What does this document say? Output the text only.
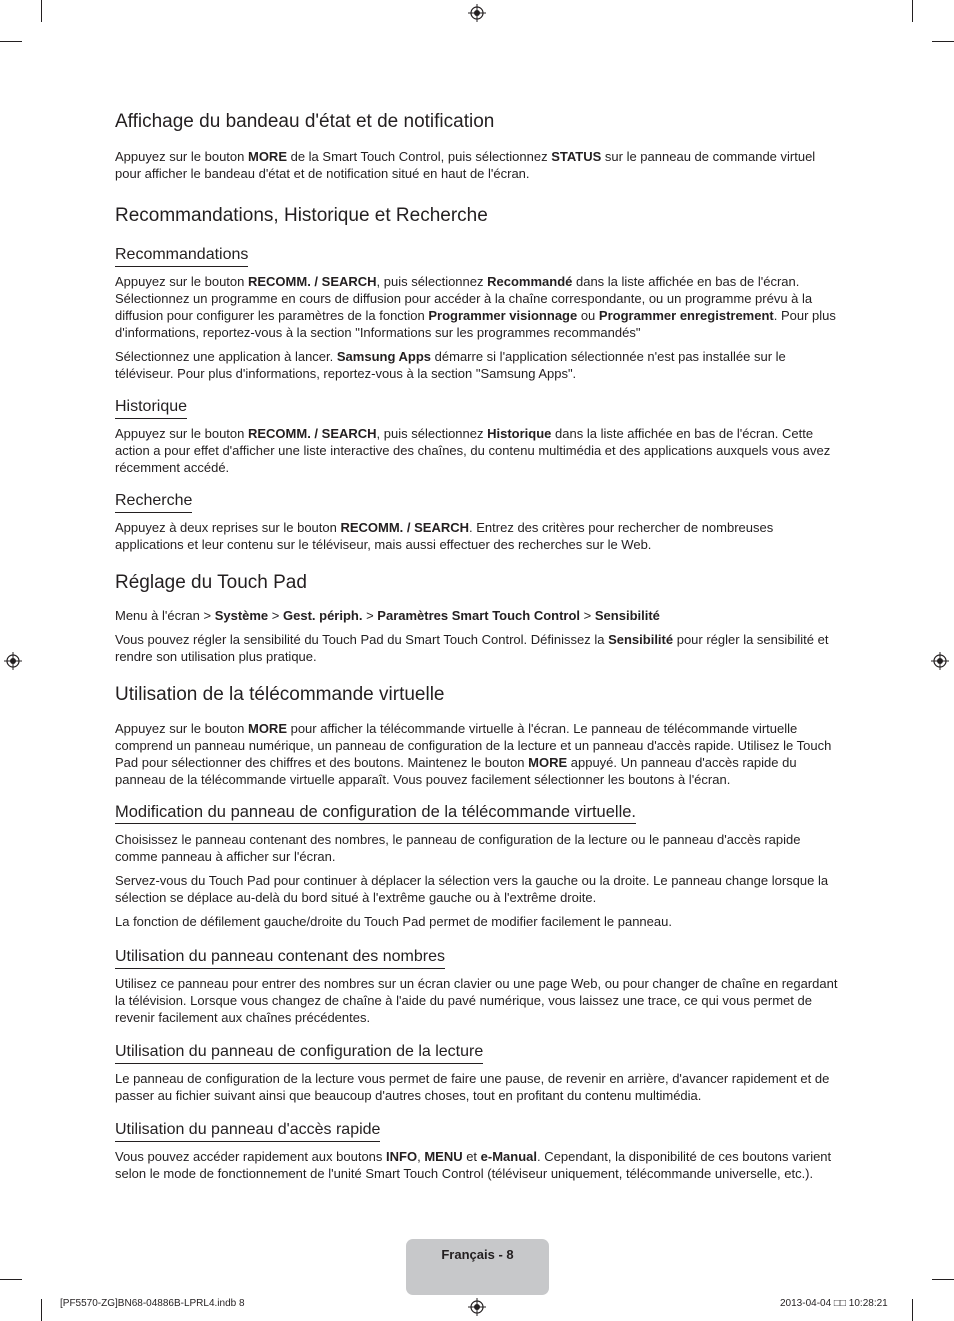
Affichage du bandeau d'état et de notification

Appuyez sur le bouton MORE de la Smart Touch Control, puis sélectionnez STATUS sur le panneau de commande virtuel pour afficher le bandeau d'état et de notification situé en haut de l'écran.

Recommandations, Historique et Recherche
Recommandations

Appuyez sur le bouton RECOMM. / SEARCH, puis sélectionnez Recommandé dans la liste affichée en bas de l'écran. Sélectionnez un programme en cours de diffusion pour accéder à la chaîne correspondante, ou un programme prévu à la diffusion pour configurer les paramètres de la fonction Programmer visionnage ou Programmer enregistrement. Pour plus d'informations, reportez-vous à la section "Informations sur les programmes recommandés"

Sélectionnez une application à lancer. Samsung Apps démarre si l'application sélectionnée n'est pas installée sur le téléviseur. Pour plus d'informations, reportez-vous à la section "Samsung Apps".

Historique

Appuyez sur le bouton RECOMM. / SEARCH, puis sélectionnez Historique dans la liste affichée en bas de l'écran. Cette action a pour effet d'afficher une liste interactive des chaînes, du contenu multimédia et des applications auxquels vous avez récemment accédé.

Recherche

Appuyez à deux reprises sur le bouton RECOMM. / SEARCH. Entrez des critères pour rechercher de nombreuses applications et leur contenu sur le téléviseur, mais aussi effectuer des recherches sur le Web.

Réglage du Touch Pad

Menu à l'écran > Système > Gest. périph. > Paramètres Smart Touch Control > Sensibilité

Vous pouvez régler la sensibilité du Touch Pad du Smart Touch Control. Définissez la Sensibilité pour régler la sensibilité et rendre son utilisation plus pratique.

Utilisation de la télécommande virtuelle

Appuyez sur le bouton MORE pour afficher la télécommande virtuelle à l'écran. Le panneau de télécommande virtuelle comprend un panneau numérique, un panneau de configuration de la lecture et un panneau d'accès rapide. Utilisez le Touch Pad pour sélectionner des chiffres et des boutons. Maintenez le bouton MORE appuyé. Un panneau d'accès rapide du panneau de la télécommande virtuelle apparaît. Vous pouvez facilement sélectionner les boutons à l'écran.

Modification du panneau de configuration de la télécommande virtuelle.

Choisissez le panneau contenant des nombres, le panneau de configuration de la lecture ou le panneau d'accès rapide comme panneau à afficher sur l'écran.

Servez-vous du Touch Pad pour continuer à déplacer la sélection vers la gauche ou la droite. Le panneau change lorsque la sélection se déplace au-delà du bord situé à l'extrême gauche ou à l'extrême droite.

La fonction de défilement gauche/droite du Touch Pad permet de modifier facilement le panneau.

Utilisation du panneau contenant des nombres

Utilisez ce panneau pour entrer des nombres sur un écran clavier ou une page Web, ou pour changer de chaîne en regardant la télévision. Lorsque vous changez de chaîne à l'aide du pavé numérique, vous laissez une trace, ce qui vous permet de revenir facilement aux chaînes précédentes.

Utilisation du panneau de configuration de la lecture

Le panneau de configuration de la lecture vous permet de faire une pause, de revenir en arrière, d'avancer rapidement et de passer au fichier suivant ainsi que beaucoup d'autres choses, tout en profitant du contenu multimédia.

Utilisation du panneau d'accès rapide

Vous pouvez accéder rapidement aux boutons INFO, MENU et e-Manual. Cependant, la disponibilité de ces boutons varient selon le mode de fonctionnement de l'unité Smart Touch Control (téléviseur uniquement, télécommande universelle, etc.).

Français - 8
[PF5570-ZG]BN68-04886B-LPRL4.indb 8	2013-04-04 □□ 10:28:21
